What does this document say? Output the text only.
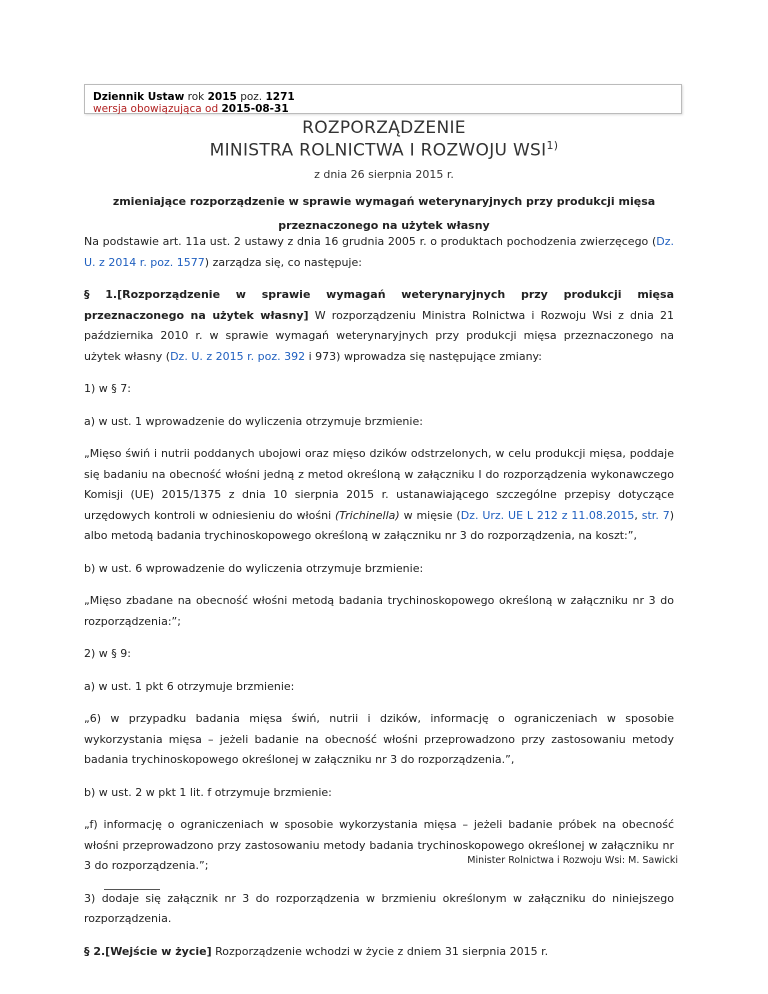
Dziennik Ustaw rok 2015 poz. 1271
wersja obowiązująca od 2015-08-31
ROZPORZĄDZENIE
MINISTRA ROLNICTWA I ROZWOJU WSI$^{1)}$
z dnia 26 sierpnia 2015 r.
zmieniające rozporządzenie w sprawie wymagań weterynaryjnych przy produkcji mięsa przeznaczonego na użytek własny

Na podstawie art. 11a ust. 2 ustawy z dnia 16 grudnia 2005 r. o produktach pochodzenia zwierzęcego (Dz. U. z 2014 r. poz. 1577) zarządza się, co następuje:

§ 1.[Rozporządzenie w sprawie wymagań weterynaryjnych przy produkcji mięsa przeznaczonego na użytek własny] W rozporządzeniu Ministra Rolnictwa i Rozwoju Wsi z dnia 21 października 2010 r. w sprawie wymagań weterynaryjnych przy produkcji mięsa przeznaczonego na użytek własny (Dz. U. z 2015 r. poz. 392 i 973) wprowadza się następujące zmiany:

1) w § 7:

a) w ust. 1 wprowadzenie do wyliczenia otrzymuje brzmienie:

„Mięso świń i nutrii poddanych ubojowi oraz mięso dzików odstrzelonych, w celu produkcji mięsa, poddaje się badaniu na obecność włośni jedną z metod określoną w załączniku I do rozporządzenia wykonawczego Komisji (UE) 2015/1375 z dnia 10 sierpnia 2015 r. ustanawiającego szczególne przepisy dotyczące urzędowych kontroli w odniesieniu do włośni (Trichinella) w mięsie (Dz. Urz. UE L 212 z 11.08.2015, str. 7) albo metodą badania trychinoskopowego określoną w załączniku nr 3 do rozporządzenia, na koszt:”,

b) w ust. 6 wprowadzenie do wyliczenia otrzymuje brzmienie:

„Mięso zbadane na obecność włośni metodą badania trychinoskopowego określoną w załączniku nr 3 do rozporządzenia:”;

2) w § 9:

a) w ust. 1 pkt 6 otrzymuje brzmienie:

„6) w przypadku badania mięsa świń, nutrii i dzików, informację o ograniczeniach w sposobie wykorzystania mięsa – jeżeli badanie na obecność włośni przeprowadzono przy zastosowaniu metody badania trychinoskopowego określonej w załączniku nr 3 do rozporządzenia.”,

b) w ust. 2 w pkt 1 lit. f otrzymuje brzmienie:

„f) informację o ograniczeniach w sposobie wykorzystania mięsa – jeżeli badanie próbek na obecność włośni przeprowadzono przy zastosowaniu metody badania trychinoskopowego określonej w załączniku nr 3 do rozporządzenia.”;

3) dodaje się załącznik nr 3 do rozporządzenia w brzmieniu określonym w załączniku do niniejszego rozporządzenia.

§ 2.[Wejście w życie] Rozporządzenie wchodzi w życie z dniem 31 sierpnia 2015 r.

Minister Rolnictwa i Rozwoju Wsi: M. Sawicki
